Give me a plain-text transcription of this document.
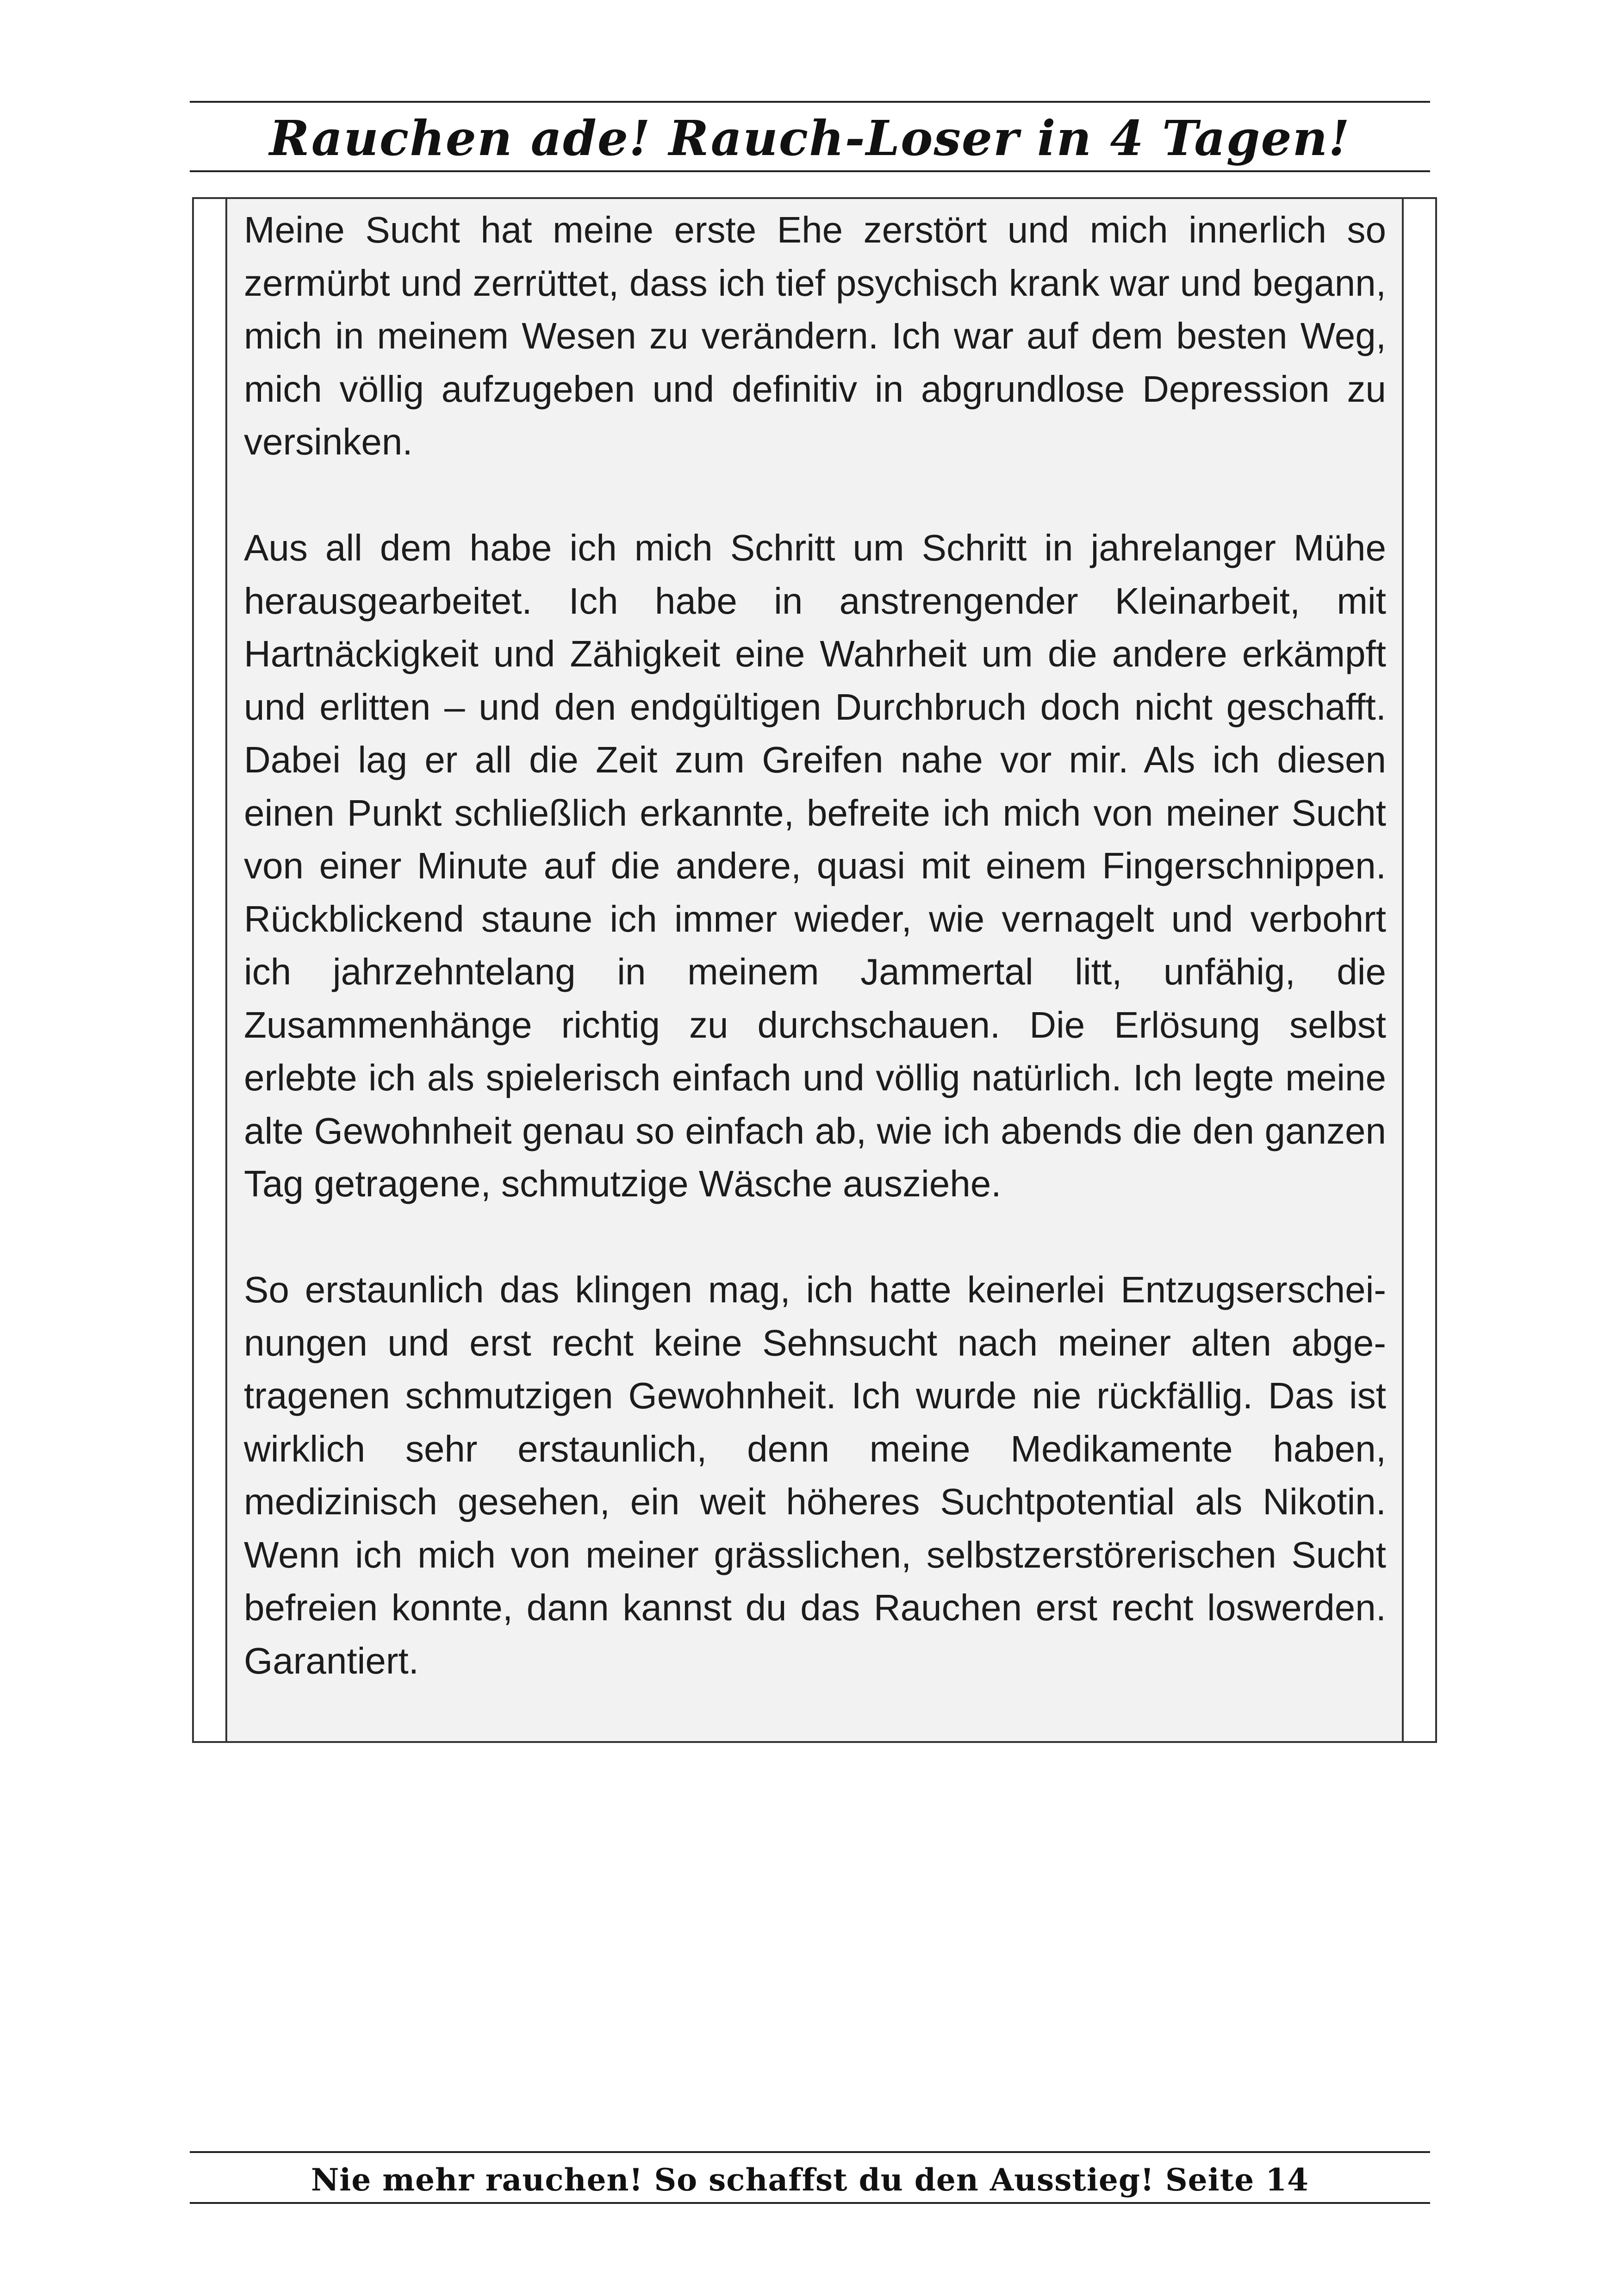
Rauchen ade! Rauch-Loser in 4 Tagen!

Meine Sucht hat meine erste Ehe zerstört und mich innerlich so zermürbt und zerrüttet, dass ich tief psychisch krank war und begann, mich in meinem Wesen zu verändern. Ich war auf dem besten Weg, mich völlig aufzugeben und definitiv in abgrundlose Depression zu versinken.

Aus all dem habe ich mich Schritt um Schritt in jahrelanger Mühe herausgearbeitet. Ich habe in anstrengender Kleinarbeit, mit Hartnäckigkeit und Zähigkeit eine Wahrheit um die andere erkämpft und erlitten – und den endgültigen Durchbruch doch nicht geschafft. Dabei lag er all die Zeit zum Greifen nahe vor mir. Als ich diesen einen Punkt schließlich erkannte, befreite ich mich von meiner Sucht von einer Minute auf die andere, quasi mit einem Fingerschnippen. Rückblickend staune ich immer wieder, wie vernagelt und verbohrt ich jahrzehntelang in meinem Jammertal litt, unfähig, die Zusammenhänge richtig zu durchschauen. Die Erlösung selbst erlebte ich als spielerisch einfach und völlig natürlich. Ich legte meine alte Gewohnheit genau so einfach ab, wie ich abends die den ganzen Tag getragene, schmutzige Wäsche ausziehe.

So erstaunlich das klingen mag, ich hatte keinerlei Entzugserscheinungen und erst recht keine Sehnsucht nach meiner alten abgetragenen schmutzigen Gewohnheit. Ich wurde nie rückfällig. Das ist wirklich sehr erstaunlich, denn meine Medikamente haben, medizinisch gesehen, ein weit höheres Suchtpotential als Nikotin. Wenn ich mich von meiner grässlichen, selbstzerstörerischen Sucht befreien konnte, dann kannst du das Rauchen erst recht loswerden. Garantiert.

Nie mehr rauchen! So schaffst du den Ausstieg! Seite 14
